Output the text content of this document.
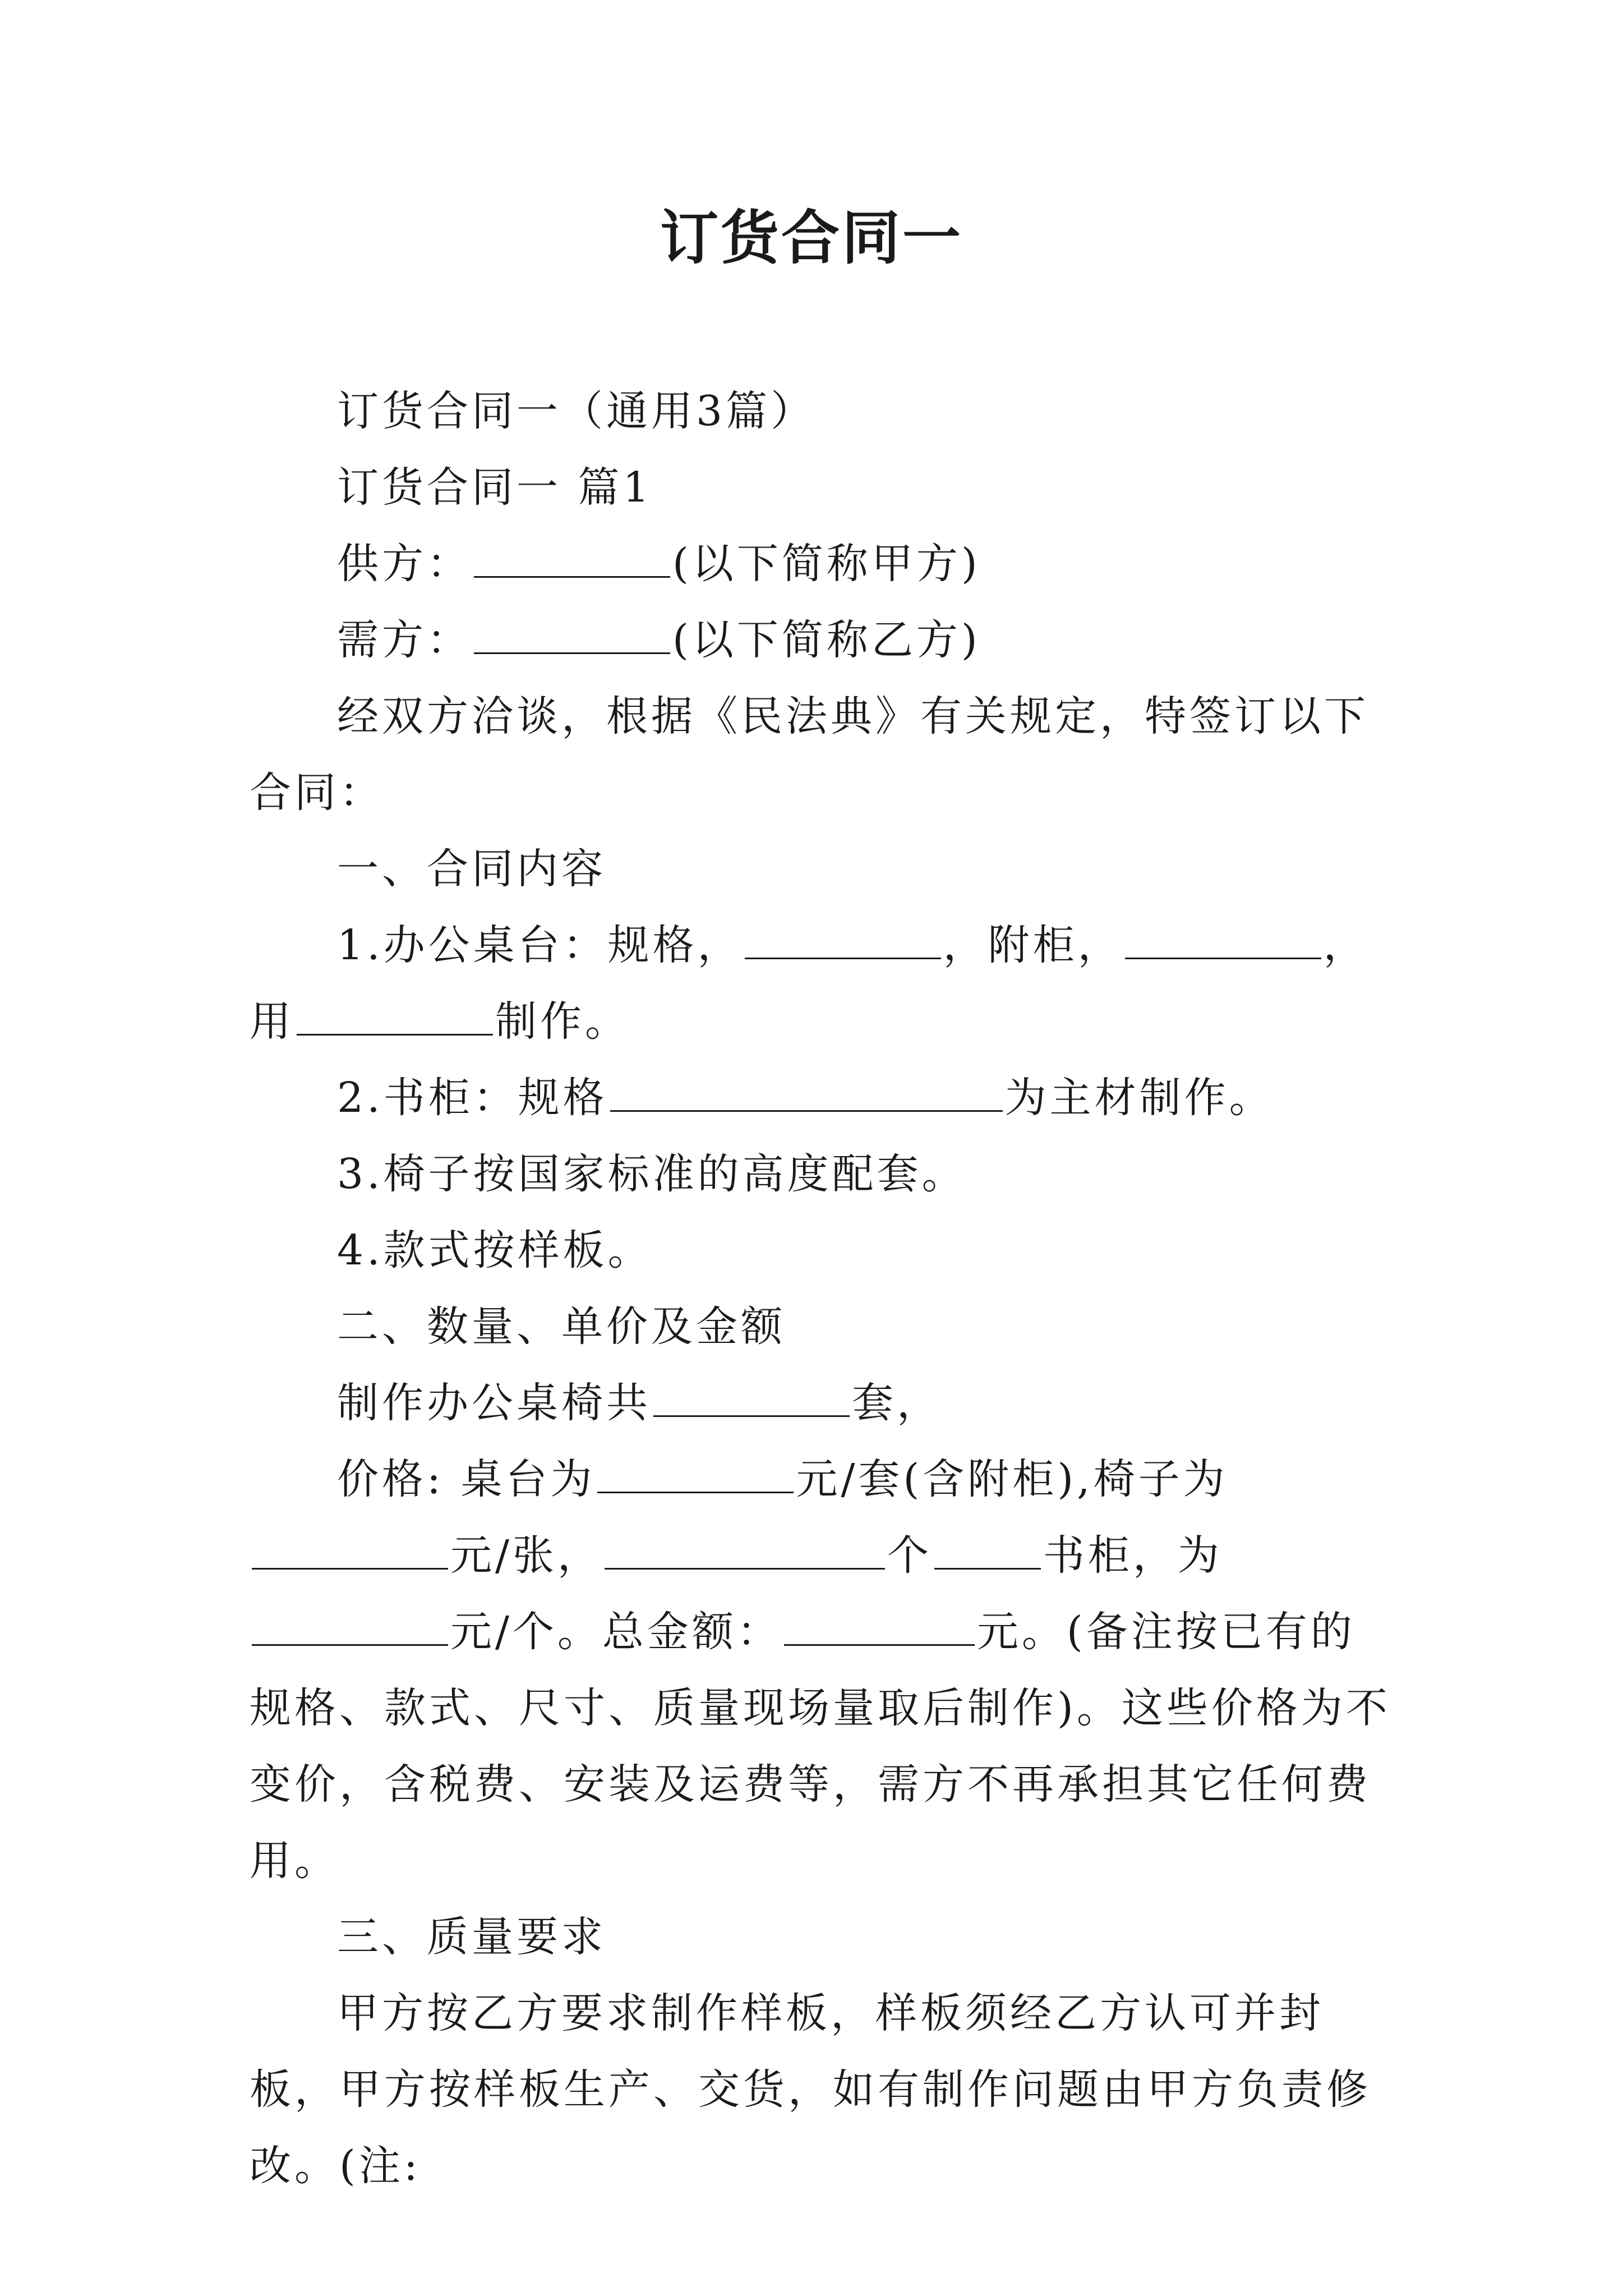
订货合同一

订货合同一（通用3篇）

订货合同一 篇1

供方：	(以下简称甲方)

需方：	(以下简称乙方)

经双方洽谈，根据《民法典》有关规定，特签订以下合同：

一、合同内容

1.办公桌台：规格，	，附柜，	，用	制作。

2.书柜：规格	为主材制作。

3.椅子按国家标准的高度配套。

4.款式按样板。

二、数量、单价及金额

制作办公桌椅共	套，

价格: 桌台为	元/套(含附柜),椅子为元/张，	个	书柜，为元/个。总金额：	元。(备注按已有的规格、款式、尺寸、质量现场量取后制作)。这些价格为不变价，含税费、安装及运费等，需方不再承担其它任何费用。

三、质量要求

甲方按乙方要求制作样板，样板须经乙方认可并封板，甲方按样板生产、交货，如有制作问题由甲方负责修改。(注:
